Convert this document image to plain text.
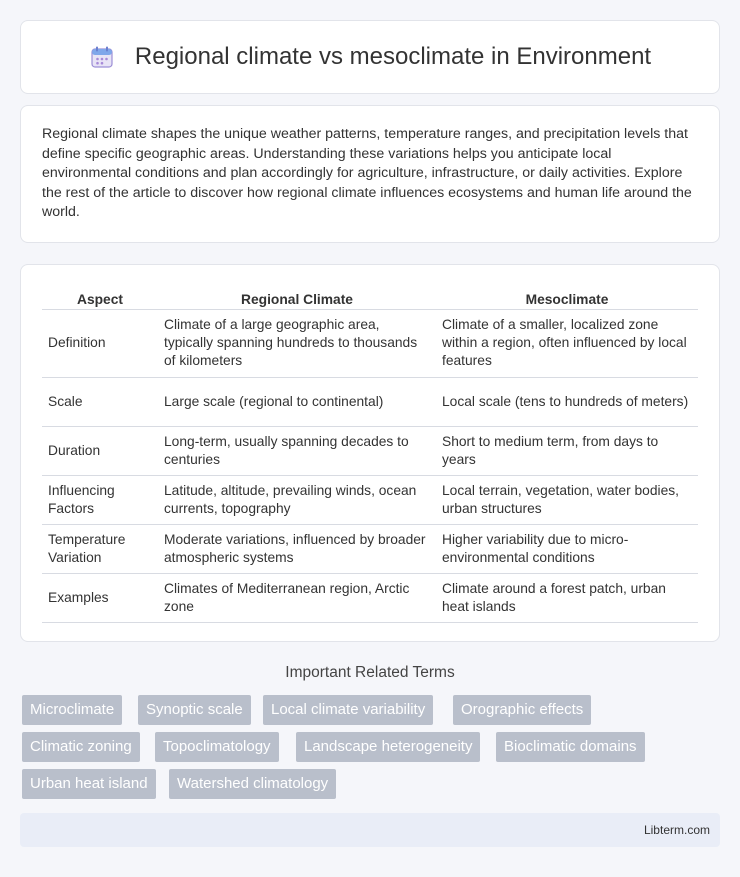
Regional climate vs mesoclimate in Environment

Regional climate shapes the unique weather patterns, temperature ranges, and precipitation levels that define specific geographic areas. Understanding these variations helps you anticipate local environmental conditions and plan accordingly for agriculture, infrastructure, or daily activities. Explore the rest of the article to discover how regional climate influences ecosystems and human life around the world.

Aspect	Regional Climate	Mesoclimate
Definition	Climate of a large geographic area, typically spanning hundreds to thousands of kilometers	Climate of a smaller, localized zone within a region, often influenced by local features
Scale	Large scale (regional to continental)	Local scale (tens to hundreds of meters)
Duration	Long-term, usually spanning decades to centuries	Short to medium term, from days to years
Influencing Factors	Latitude, altitude, prevailing winds, ocean currents, topography	Local terrain, vegetation, water bodies, urban structures
Temperature Variation	Moderate variations, influenced by broader atmospheric systems	Higher variability due to micro-environmental conditions
Examples	Climates of Mediterranean region, Arctic zone	Climate around a forest patch, urban heat islands
Important Related Terms
Microclimate	Synoptic scale	Local climate variability	Orographic effects
Climatic zoning	Topoclimatology	Landscape heterogeneity	Bioclimatic domains
Urban heat island	Watershed climatology
Libterm.com
